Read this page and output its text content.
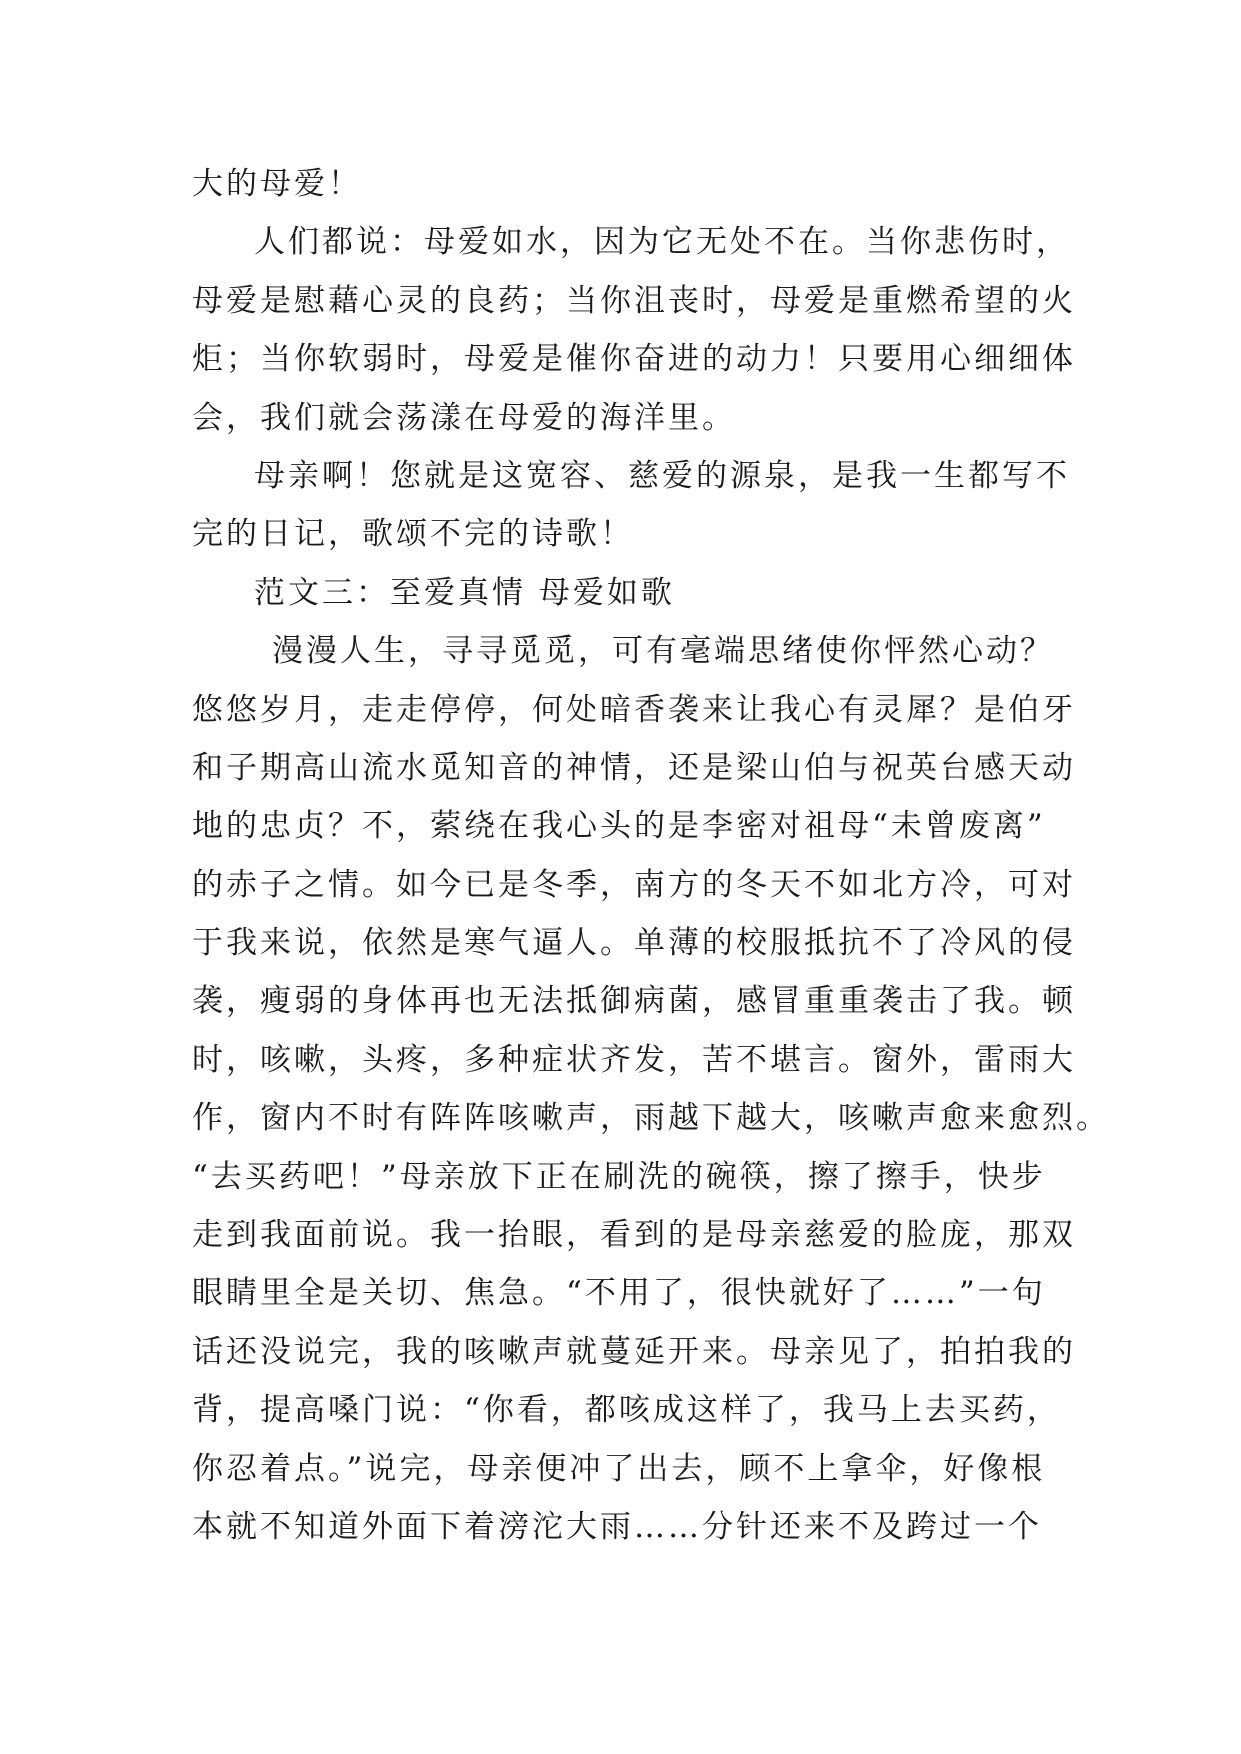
大的母爱！
人们都说：母爱如水，因为它无处不在。当你悲伤时，
母爱是慰藉心灵的良药；当你沮丧时，母爱是重燃希望的火
炬；当你软弱时，母爱是催你奋进的动力！只要用心细细体
会，我们就会荡漾在母爱的海洋里。
母亲啊！您就是这宽容、慈爱的源泉，是我一生都写不
完的日记，歌颂不完的诗歌！
范文三：至爱真情 母爱如歌
漫漫人生，寻寻觅觅，可有毫端思绪使你怦然心动？
悠悠岁月，走走停停，何处暗香袭来让我心有灵犀？是伯牙
和子期高山流水觅知音的神情，还是梁山伯与祝英台感天动
地的忠贞？不，萦绕在我心头的是李密对祖母“未曾废离”
的赤子之情。如今已是冬季，南方的冬天不如北方冷，可对
于我来说，依然是寒气逼人。单薄的校服抵抗不了冷风的侵
袭，瘦弱的身体再也无法抵御病菌，感冒重重袭击了我。顿
时，咳嗽，头疼，多种症状齐发，苦不堪言。窗外，雷雨大
作，窗内不时有阵阵咳嗽声，雨越下越大，咳嗽声愈来愈烈。
“去买药吧！”母亲放下正在刷洗的碗筷，擦了擦手，快步
走到我面前说。我一抬眼，看到的是母亲慈爱的脸庞，那双
眼睛里全是关切、焦急。“不用了，很快就好了……”一句
话还没说完，我的咳嗽声就蔓延开来。母亲见了，拍拍我的
背，提高嗓门说：“你看，都咳成这样了，我马上去买药，
你忍着点。”说完，母亲便冲了出去，顾不上拿伞，好像根
本就不知道外面下着滂沱大雨……分针还来不及跨过一个
